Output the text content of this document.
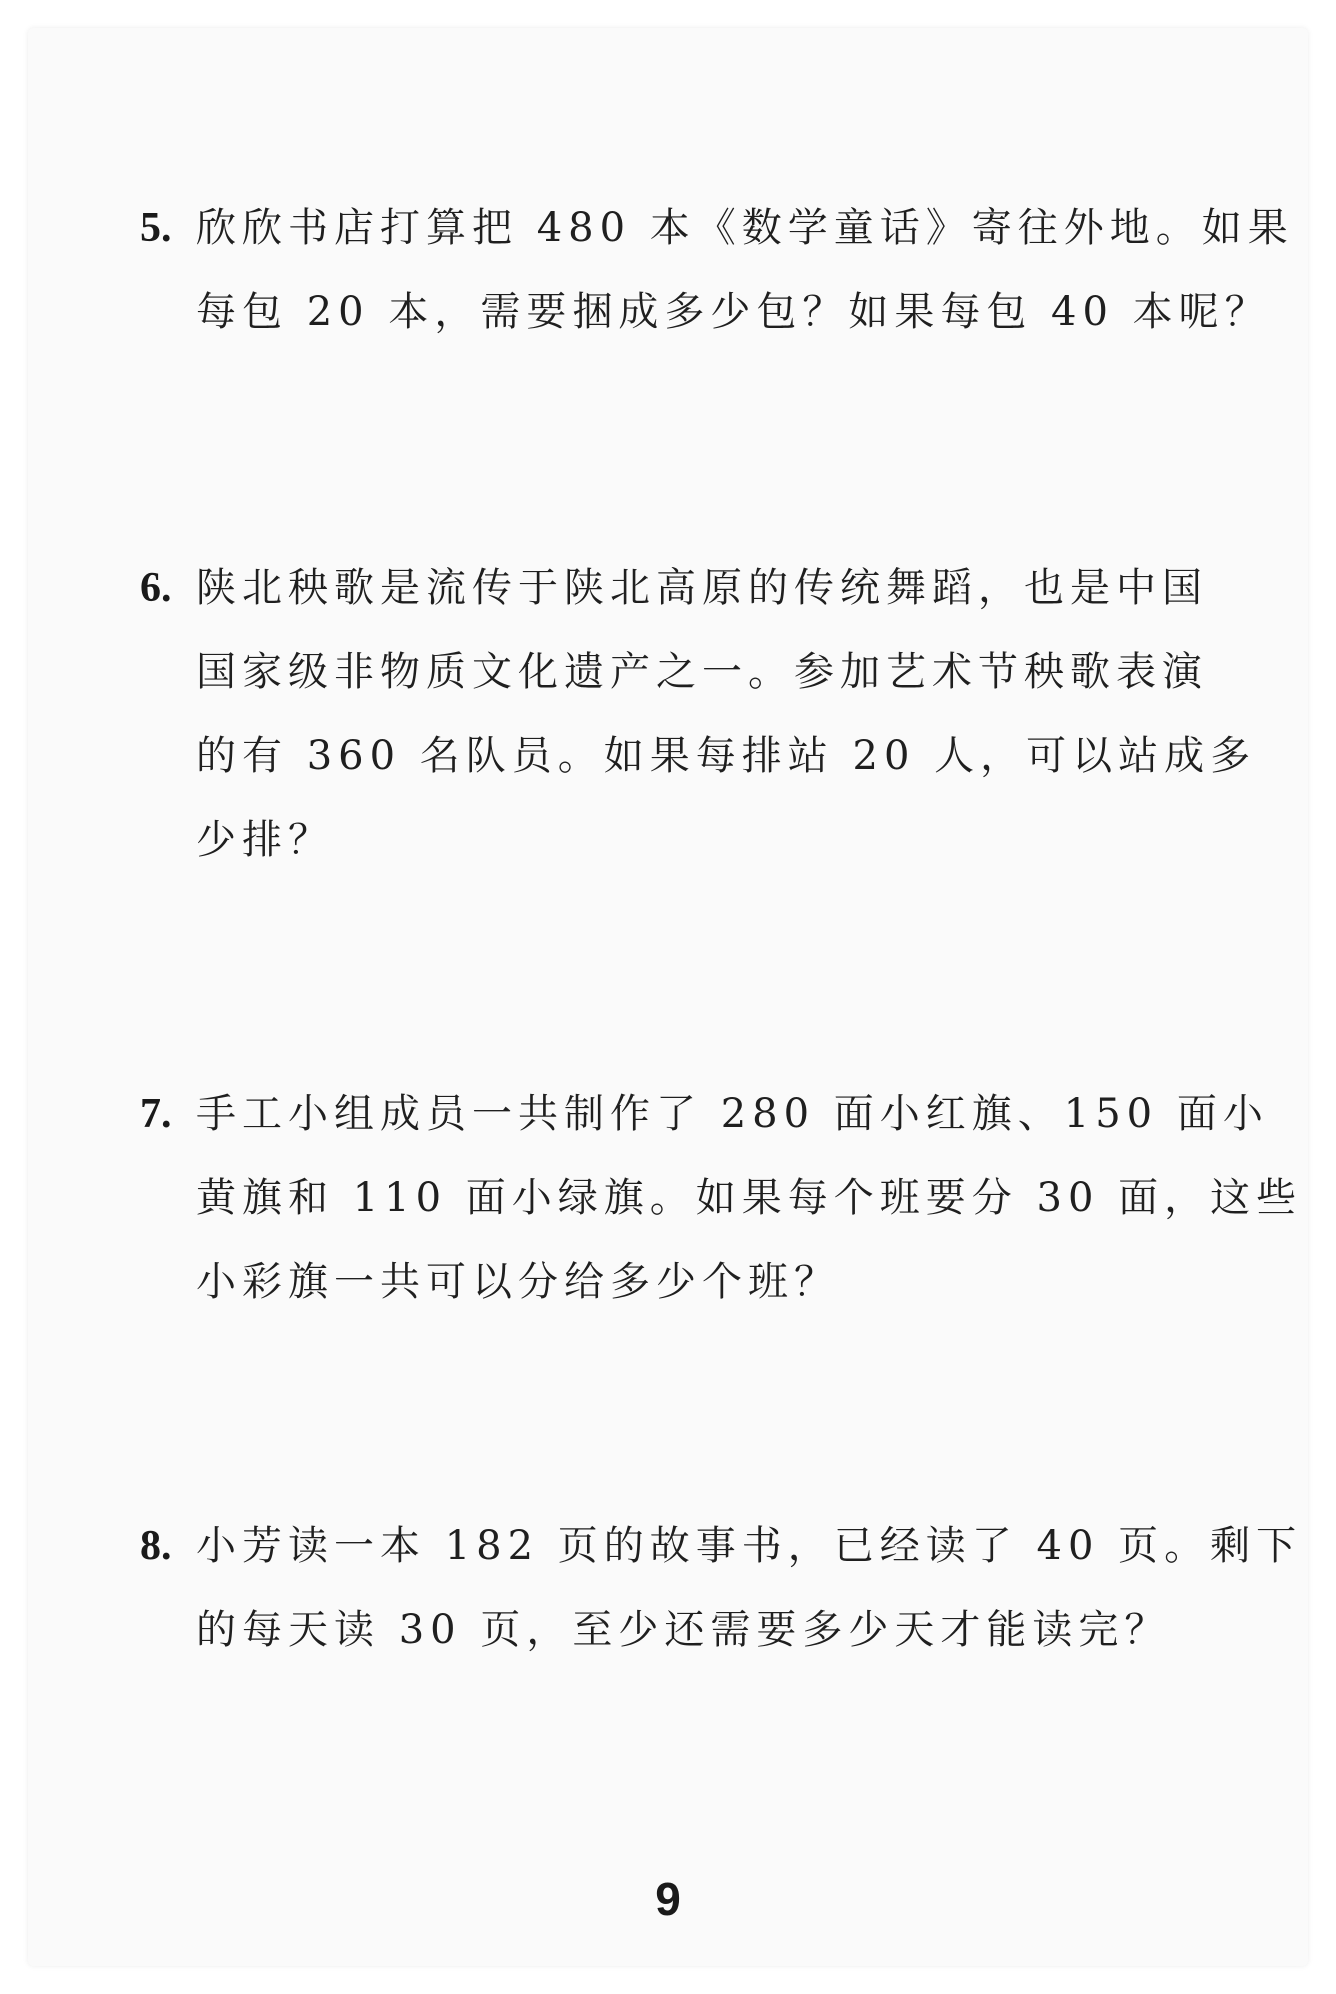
5. 欣欣书店打算把 480 本《数学童话》寄往外地。如果
每包 20 本，需要捆成多少包？如果每包 40 本呢？
6. 陕北秧歌是流传于陕北高原的传统舞蹈，也是中国
国家级非物质文化遗产之一。参加艺术节秧歌表演
的有 360 名队员。如果每排站 20 人，可以站成多
少排？
7. 手工小组成员一共制作了 280 面小红旗、150 面小
黄旗和 110 面小绿旗。如果每个班要分 30 面，这些
小彩旗一共可以分给多少个班？
8. 小芳读一本 182 页的故事书，已经读了 40 页。剩下
的每天读 30 页，至少还需要多少天才能读完？
9
